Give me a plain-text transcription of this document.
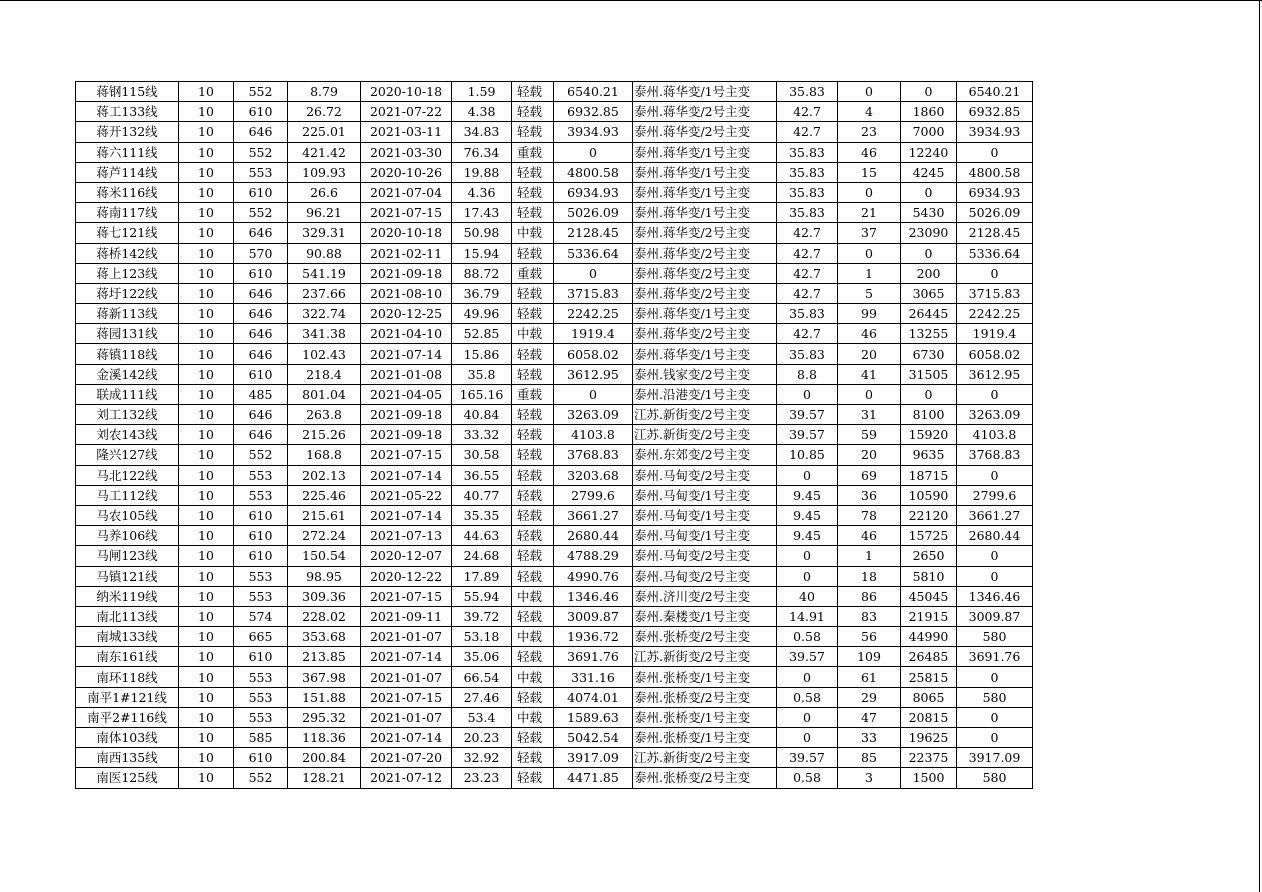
蒋钢115线	10	552	8.79	2020-10-18	1.59	轻载	6540.21	泰州.蒋华变/1号主变	35.83	0	0	6540.21
蒋工133线	10	610	26.72	2021-07-22	4.38	轻载	6932.85	泰州.蒋华变/2号主变	42.7	4	1860	6932.85
蒋开132线	10	646	225.01	2021-03-11	34.83	轻载	3934.93	泰州.蒋华变/2号主变	42.7	23	7000	3934.93
蒋六111线	10	552	421.42	2021-03-30	76.34	重载	0	泰州.蒋华变/1号主变	35.83	46	12240	0
蒋芦114线	10	553	109.93	2020-10-26	19.88	轻载	4800.58	泰州.蒋华变/1号主变	35.83	15	4245	4800.58
蒋米116线	10	610	26.6	2021-07-04	4.36	轻载	6934.93	泰州.蒋华变/1号主变	35.83	0	0	6934.93
蒋南117线	10	552	96.21	2021-07-15	17.43	轻载	5026.09	泰州.蒋华变/1号主变	35.83	21	5430	5026.09
蒋七121线	10	646	329.31	2020-10-18	50.98	中载	2128.45	泰州.蒋华变/2号主变	42.7	37	23090	2128.45
蒋桥142线	10	570	90.88	2021-02-11	15.94	轻载	5336.64	泰州.蒋华变/2号主变	42.7	0	0	5336.64
蒋上123线	10	610	541.19	2021-09-18	88.72	重载	0	泰州.蒋华变/2号主变	42.7	1	200	0
蒋圩122线	10	646	237.66	2021-08-10	36.79	轻载	3715.83	泰州.蒋华变/2号主变	42.7	5	3065	3715.83
蒋新113线	10	646	322.74	2020-12-25	49.96	轻载	2242.25	泰州.蒋华变/1号主变	35.83	99	26445	2242.25
蒋园131线	10	646	341.38	2021-04-10	52.85	中载	1919.4	泰州.蒋华变/2号主变	42.7	46	13255	1919.4
蒋镇118线	10	646	102.43	2021-07-14	15.86	轻载	6058.02	泰州.蒋华变/1号主变	35.83	20	6730	6058.02
金溪142线	10	610	218.4	2021-01-08	35.8	轻载	3612.95	泰州.钱家变/2号主变	8.8	41	31505	3612.95
联成111线	10	485	801.04	2021-04-05	165.16	重载	0	泰州.沿港变/1号主变	0	0	0	0
刘工132线	10	646	263.8	2021-09-18	40.84	轻载	3263.09	江苏.新街变/2号主变	39.57	31	8100	3263.09
刘农143线	10	646	215.26	2021-09-18	33.32	轻载	4103.8	江苏.新街变/2号主变	39.57	59	15920	4103.8
隆兴127线	10	552	168.8	2021-07-15	30.58	轻载	3768.83	泰州.东郊变/2号主变	10.85	20	9635	3768.83
马北122线	10	553	202.13	2021-07-14	36.55	轻载	3203.68	泰州.马甸变/2号主变	0	69	18715	0
马工112线	10	553	225.46	2021-05-22	40.77	轻载	2799.6	泰州.马甸变/1号主变	9.45	36	10590	2799.6
马农105线	10	610	215.61	2021-07-14	35.35	轻载	3661.27	泰州.马甸变/1号主变	9.45	78	22120	3661.27
马养106线	10	610	272.24	2021-07-13	44.63	轻载	2680.44	泰州.马甸变/1号主变	9.45	46	15725	2680.44
马闸123线	10	610	150.54	2020-12-07	24.68	轻载	4788.29	泰州.马甸变/2号主变	0	1	2650	0
马镇121线	10	553	98.95	2020-12-22	17.89	轻载	4990.76	泰州.马甸变/2号主变	0	18	5810	0
纳米119线	10	553	309.36	2021-07-15	55.94	中载	1346.46	泰州.济川变/2号主变	40	86	45045	1346.46
南北113线	10	574	228.02	2021-09-11	39.72	轻载	3009.87	泰州.秦楼变/1号主变	14.91	83	21915	3009.87
南城133线	10	665	353.68	2021-01-07	53.18	中载	1936.72	泰州.张桥变/2号主变	0.58	56	44990	580
南东161线	10	610	213.85	2021-07-14	35.06	轻载	3691.76	江苏.新街变/2号主变	39.57	109	26485	3691.76
南环118线	10	553	367.98	2021-01-07	66.54	中载	331.16	泰州.张桥变/1号主变	0	61	25815	0
南平1#121线	10	553	151.88	2021-07-15	27.46	轻载	4074.01	泰州.张桥变/2号主变	0.58	29	8065	580
南平2#116线	10	553	295.32	2021-01-07	53.4	中载	1589.63	泰州.张桥变/1号主变	0	47	20815	0
南体103线	10	585	118.36	2021-07-14	20.23	轻载	5042.54	泰州.张桥变/1号主变	0	33	19625	0
南西135线	10	610	200.84	2021-07-20	32.92	轻载	3917.09	江苏.新街变/2号主变	39.57	85	22375	3917.09
南医125线	10	552	128.21	2021-07-12	23.23	轻载	4471.85	泰州.张桥变/2号主变	0.58	3	1500	580
